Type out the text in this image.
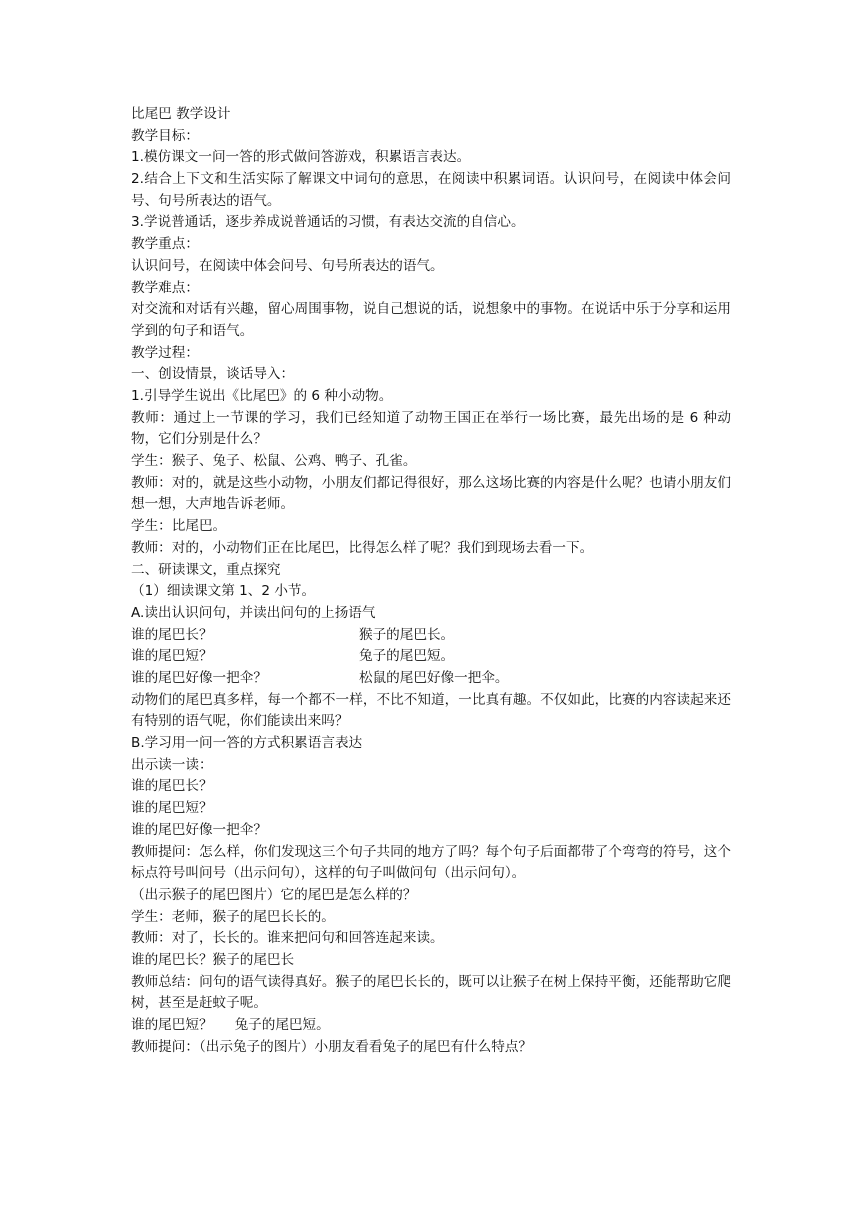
比尾巴 教学设计
教学目标：
1.模仿课文一问一答的形式做问答游戏，积累语言表达。
2.结合上下文和生活实际了解课文中词句的意思，在阅读中积累词语。认识问号，在阅读中体会问号、句号所表达的语气。
3.学说普通话，逐步养成说普通话的习惯，有表达交流的自信心。
教学重点：
认识问号，在阅读中体会问号、句号所表达的语气。
教学难点：
对交流和对话有兴趣，留心周围事物，说自己想说的话，说想象中的事物。在说话中乐于分享和运用学到的句子和语气。
教学过程：
一、创设情景，谈话导入：
1.引导学生说出《比尾巴》的 6 种小动物。
教师：通过上一节课的学习，我们已经知道了动物王国正在举行一场比赛，最先出场的是 6 种动物，它们分别是什么？
学生：猴子、兔子、松鼠、公鸡、鸭子、孔雀。
教师：对的，就是这些小动物，小朋友们都记得很好，那么这场比赛的内容是什么呢？也请小朋友们想一想，大声地告诉老师。
学生：比尾巴。
教师：对的，小动物们正在比尾巴，比得怎么样了呢？我们到现场去看一下。
二、研读课文，重点探究
（1）细读课文第 1、2 小节。
A.读出认识问句，并读出问句的上扬语气
谁的尾巴长？	猴子的尾巴长。
谁的尾巴短？	兔子的尾巴短。
谁的尾巴好像一把伞？	松鼠的尾巴好像一把伞。
动物们的尾巴真多样，每一个都不一样，不比不知道，一比真有趣。不仅如此，比赛的内容读起来还有特别的语气呢，你们能读出来吗？
B.学习用一问一答的方式积累语言表达
出示读一读：
谁的尾巴长？
谁的尾巴短？
谁的尾巴好像一把伞？
教师提问：怎么样，你们发现这三个句子共同的地方了吗？每个句子后面都带了个弯弯的符号，这个标点符号叫问号（出示问句），这样的句子叫做问句（出示问句）。
（出示猴子的尾巴图片）它的尾巴是怎么样的？
学生：老师，猴子的尾巴长长的。
教师：对了，长长的。谁来把问句和回答连起来读。
谁的尾巴长？猴子的尾巴长
教师总结：问句的语气读得真好。猴子的尾巴长长的，既可以让猴子在树上保持平衡，还能帮助它爬树，甚至是赶蚊子呢。
谁的尾巴短？	兔子的尾巴短。
教师提问：（出示兔子的图片）小朋友看看兔子的尾巴有什么特点？
